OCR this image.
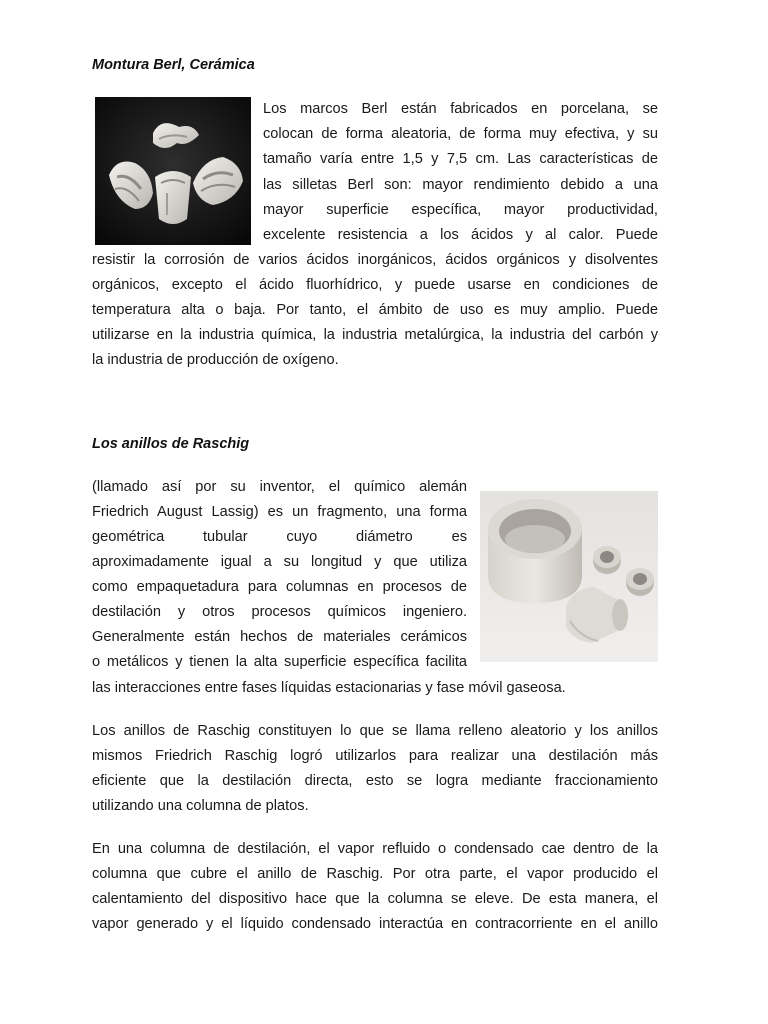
Montura Berl, Cerámica

Los marcos Berl están fabricados en porcelana, se

colocan de forma aleatoria, de forma muy efectiva, y su

tamaño varía entre 1,5 y 7,5 cm. Las características de

las silletas Berl son: mayor rendimiento debido a una

mayor superficie específica, mayor productividad,

excelente resistencia a los ácidos y al calor. Puede

resistir la corrosión de varios ácidos inorgánicos, ácidos orgánicos y disolventes

orgánicos, excepto el ácido fluorhídrico, y puede usarse en condiciones de

temperatura alta o baja. Por tanto, el ámbito de uso es muy amplio. Puede

utilizarse en la industria química, la industria metalúrgica, la industria del carbón y

la industria de producción de oxígeno.

Los anillos de Raschig

(llamado así por su inventor, el químico alemán

Friedrich August Lassig) es un fragmento, una forma

geométrica tubular cuyo diámetro es

aproximadamente igual a su longitud y que utiliza

como empaquetadura para columnas en procesos de

destilación y otros procesos químicos ingeniero.

Generalmente están hechos de materiales cerámicos

o metálicos y tienen la alta superficie específica facilita

las interacciones entre fases líquidas estacionarias y fase móvil gaseosa.

Los anillos de Raschig constituyen lo que se llama relleno aleatorio y los anillos

mismos Friedrich Raschig logró utilizarlos para realizar una destilación más

eficiente que la destilación directa, esto se logra mediante fraccionamiento

utilizando una columna de platos.

En una columna de destilación, el vapor refluido o condensado cae dentro de la

columna que cubre el anillo de Raschig. Por otra parte, el vapor producido el

calentamiento del dispositivo hace que la columna se eleve. De esta manera, el

vapor generado y el líquido condensado interactúa en contracorriente en el anillo
